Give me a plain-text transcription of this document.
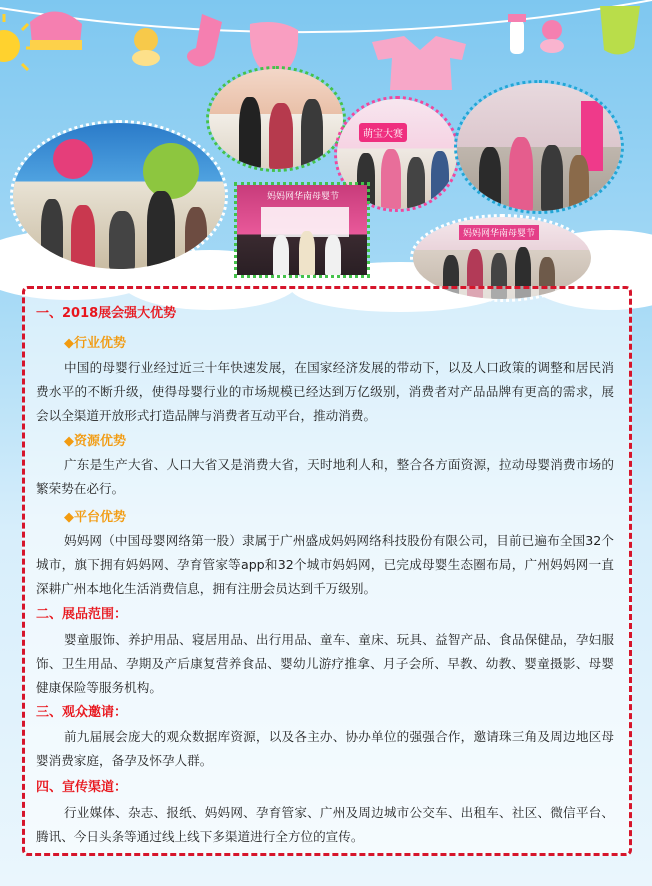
萌宝大赛
妈妈网华南母婴节
妈妈网华南母婴节
一、2018展会强大优势
◆行业优势
中国的母婴行业经过近三十年快速发展，在国家经济发展的带动下，以及人口政策的调整和居民消费水平的不断升级，使得母婴行业的市场规模已经达到万亿级别，消费者对产品品牌有更高的需求，展会以全渠道开放形式打造品牌与消费者互动平台，推动消费。
◆资源优势
广东是生产大省、人口大省又是消费大省，天时地利人和，整合各方面资源，拉动母婴消费市场的繁荣势在必行。
◆平台优势
妈妈网（中国母婴网络第一股）隶属于广州盛成妈妈网络科技股份有限公司，目前已遍布全国32个城市，旗下拥有妈妈网、孕育管家等app和32个城市妈妈网，已完成母婴生态圈布局，广州妈妈网一直深耕广州本地化生活消费信息，拥有注册会员达到千万级别。
二、展品范围：
婴童服饰、养护用品、寝居用品、出行用品、童车、童床、玩具、益智产品、食品保健品，孕妇服饰、卫生用品、孕期及产后康复营养食品、婴幼儿游疗推拿、月子会所、早教、幼教、婴童摄影、母婴健康保险等服务机构。
三、观众邀请：
前九届展会庞大的观众数据库资源，以及各主办、协办单位的强强合作，邀请珠三角及周边地区母婴消费家庭，备孕及怀孕人群。
四、宣传渠道：
行业媒体、杂志、报纸、妈妈网、孕育管家、广州及周边城市公交车、出租车、社区、微信平台、腾讯、今日头条等通过线上线下多渠道进行全方位的宣传。
